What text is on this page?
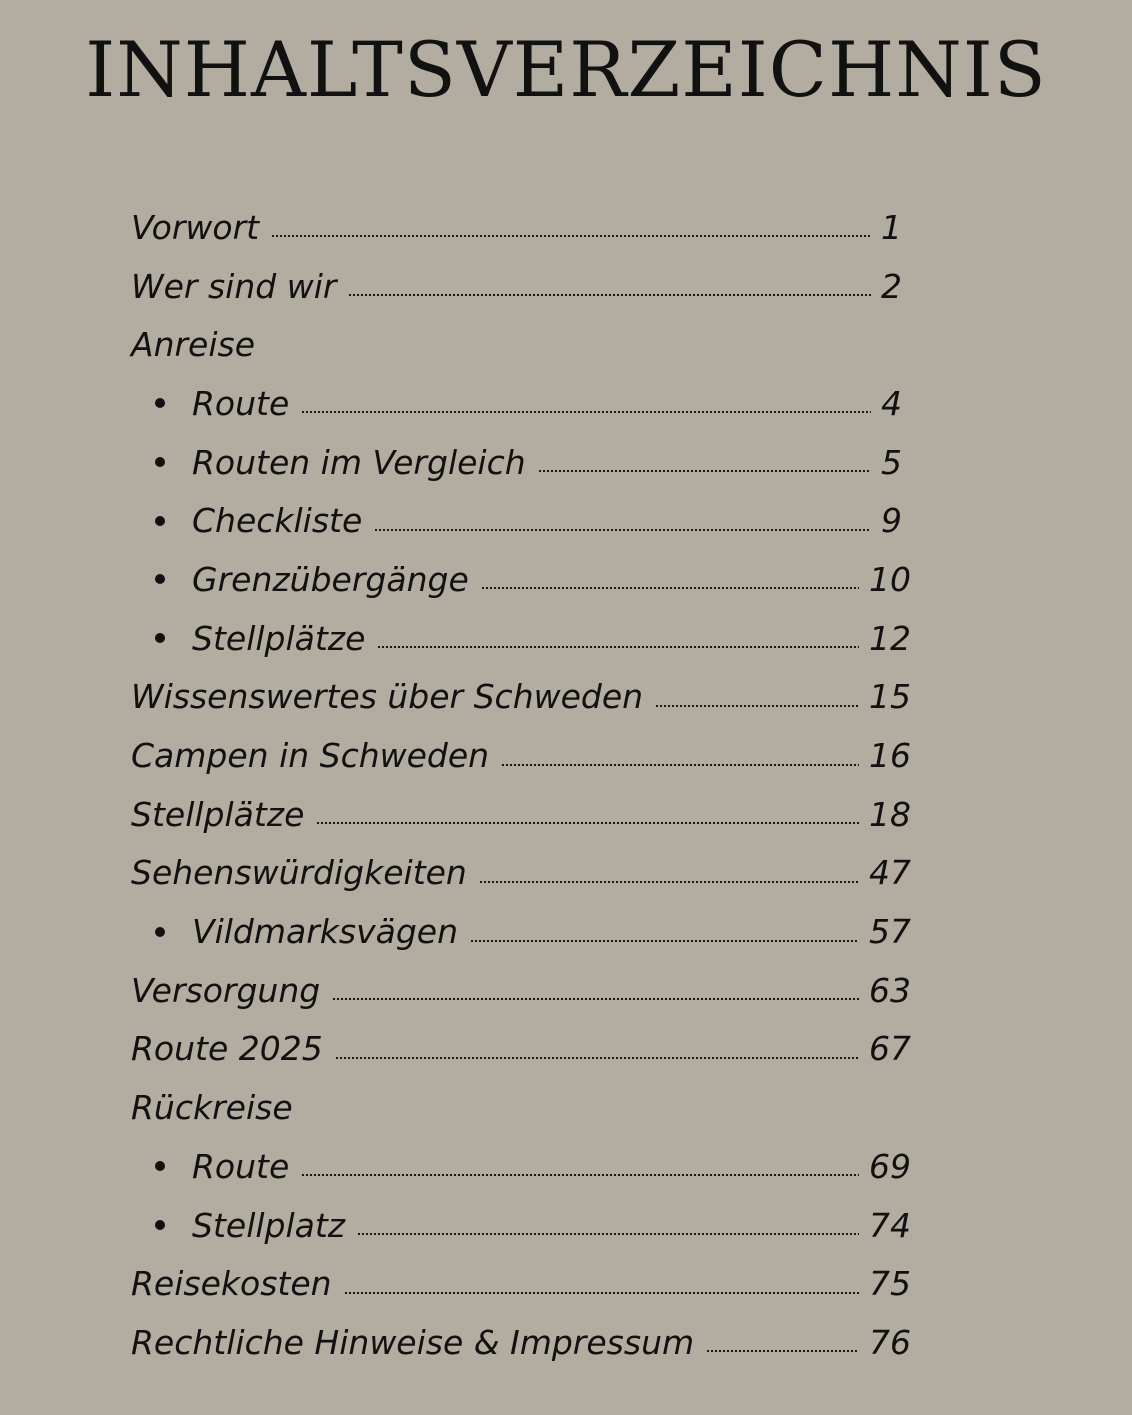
INHALTSVERZEICHNIS
Vorwort	1
Wer sind wir	2
Anreise
Route	4
Routen im Vergleich	5
Checkliste	9
Grenzübergänge	10
Stellplätze	12
Wissenswertes über Schweden	15
Campen in Schweden	16
Stellplätze	18
Sehenswürdigkeiten	47
Vildmarksvägen	57
Versorgung	63
Route 2025	67
Rückreise
Route	69
Stellplatz	74
Reisekosten	75
Rechtliche Hinweise & Impressum	76
